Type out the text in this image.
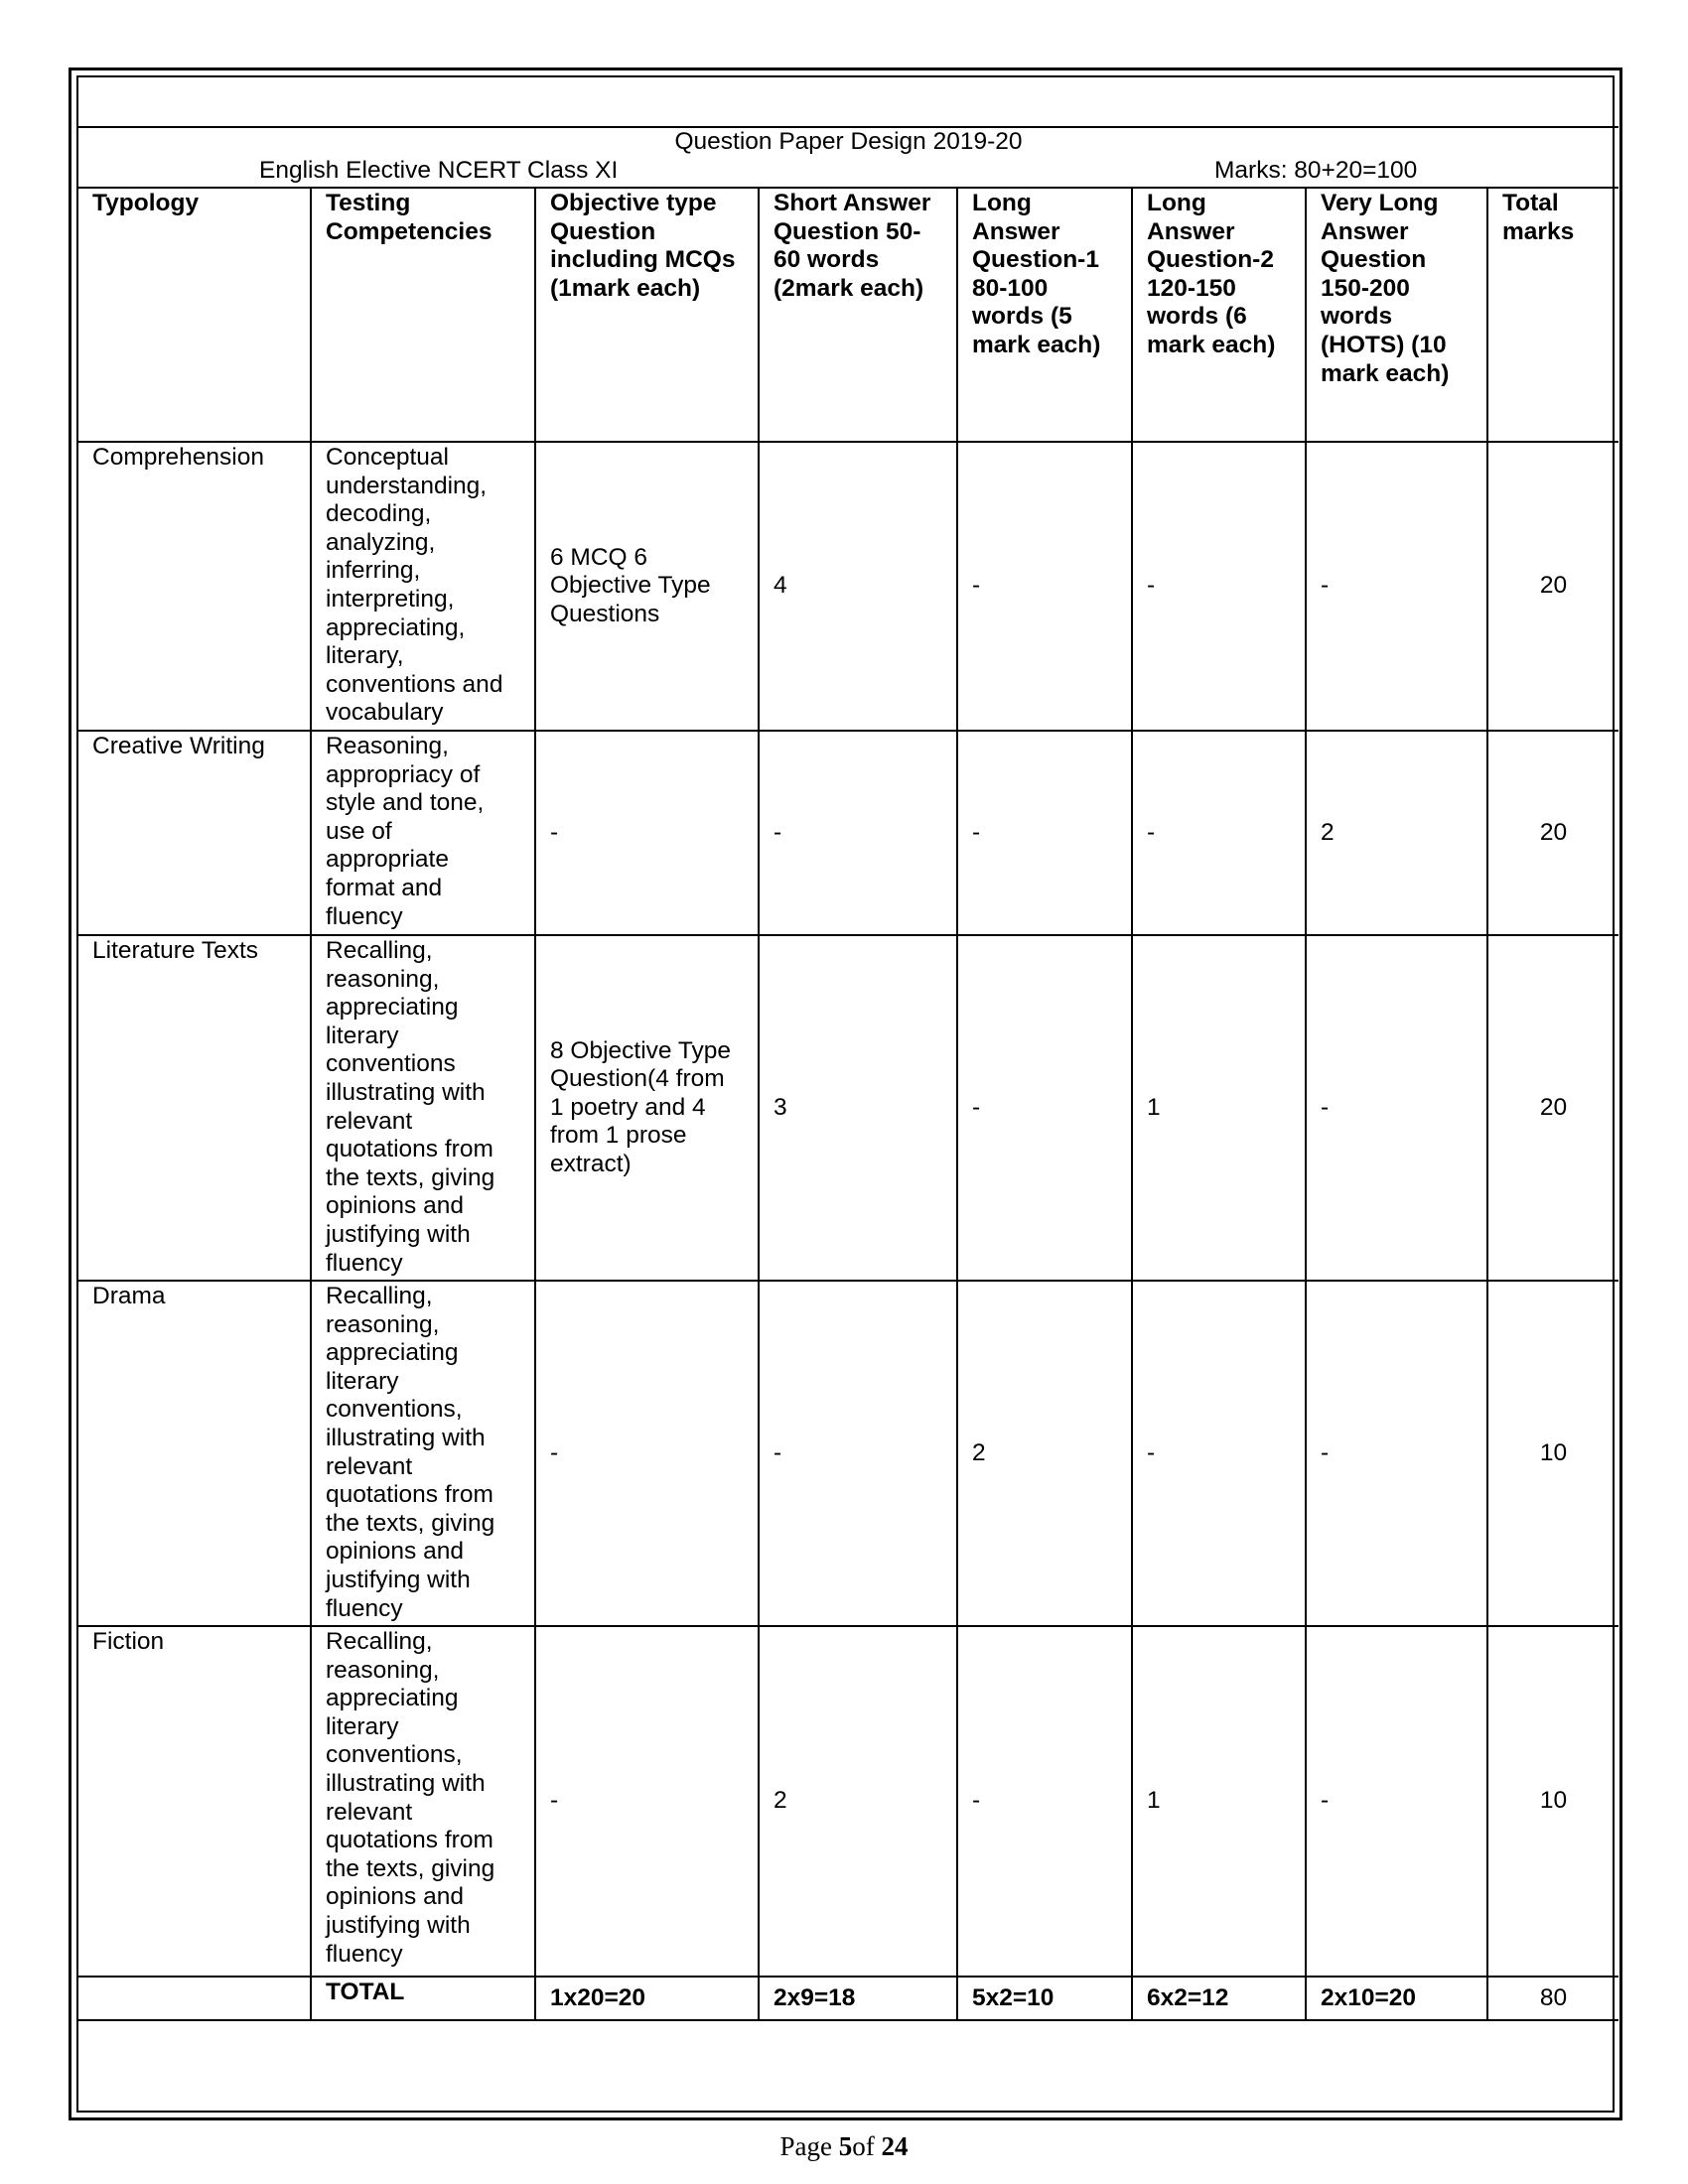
Question Paper Design 2019-20
English Elective NCERT Class XI Marks: 80+20=100							

Typology	Testing Competencies	Objective type Question including MCQs (1mark each)	Short Answer Question 50-60 words (2mark each)	Long Answer Question-1 80-100 words (5 mark each)	Long Answer Question-2 120-150 words (6 mark each)	Very Long Answer Question 150-200 words (HOTS) (10 mark each)	Total marks
Comprehension	Conceptual understanding, decoding, analyzing, inferring, interpreting, appreciating, literary, conventions and vocabulary	6 MCQ 6 Objective Type Questions	4	-	-	-	20
Creative Writing	Reasoning, appropriacy of style and tone, use of appropriate format and fluency	-	-	-	-	2	20
Literature Texts	Recalling, reasoning, appreciating literary conventions illustrating with relevant quotations from the texts, giving opinions and justifying with fluency	8 Objective Type Question(4 from 1 poetry and 4 from 1 prose extract)	3	-	1	-	20
Drama	Recalling, reasoning, appreciating literary conventions, illustrating with relevant quotations from the texts, giving opinions and justifying with fluency	-	-	2	-	-	10
Fiction	Recalling, reasoning, appreciating literary conventions, illustrating with relevant quotations from the texts, giving opinions and justifying with fluency	-	2	-	1	-	10
	TOTAL	1x20=20	2x9=18	5x2=10	6x2=12	2x10=20	80
Page 5of 24
